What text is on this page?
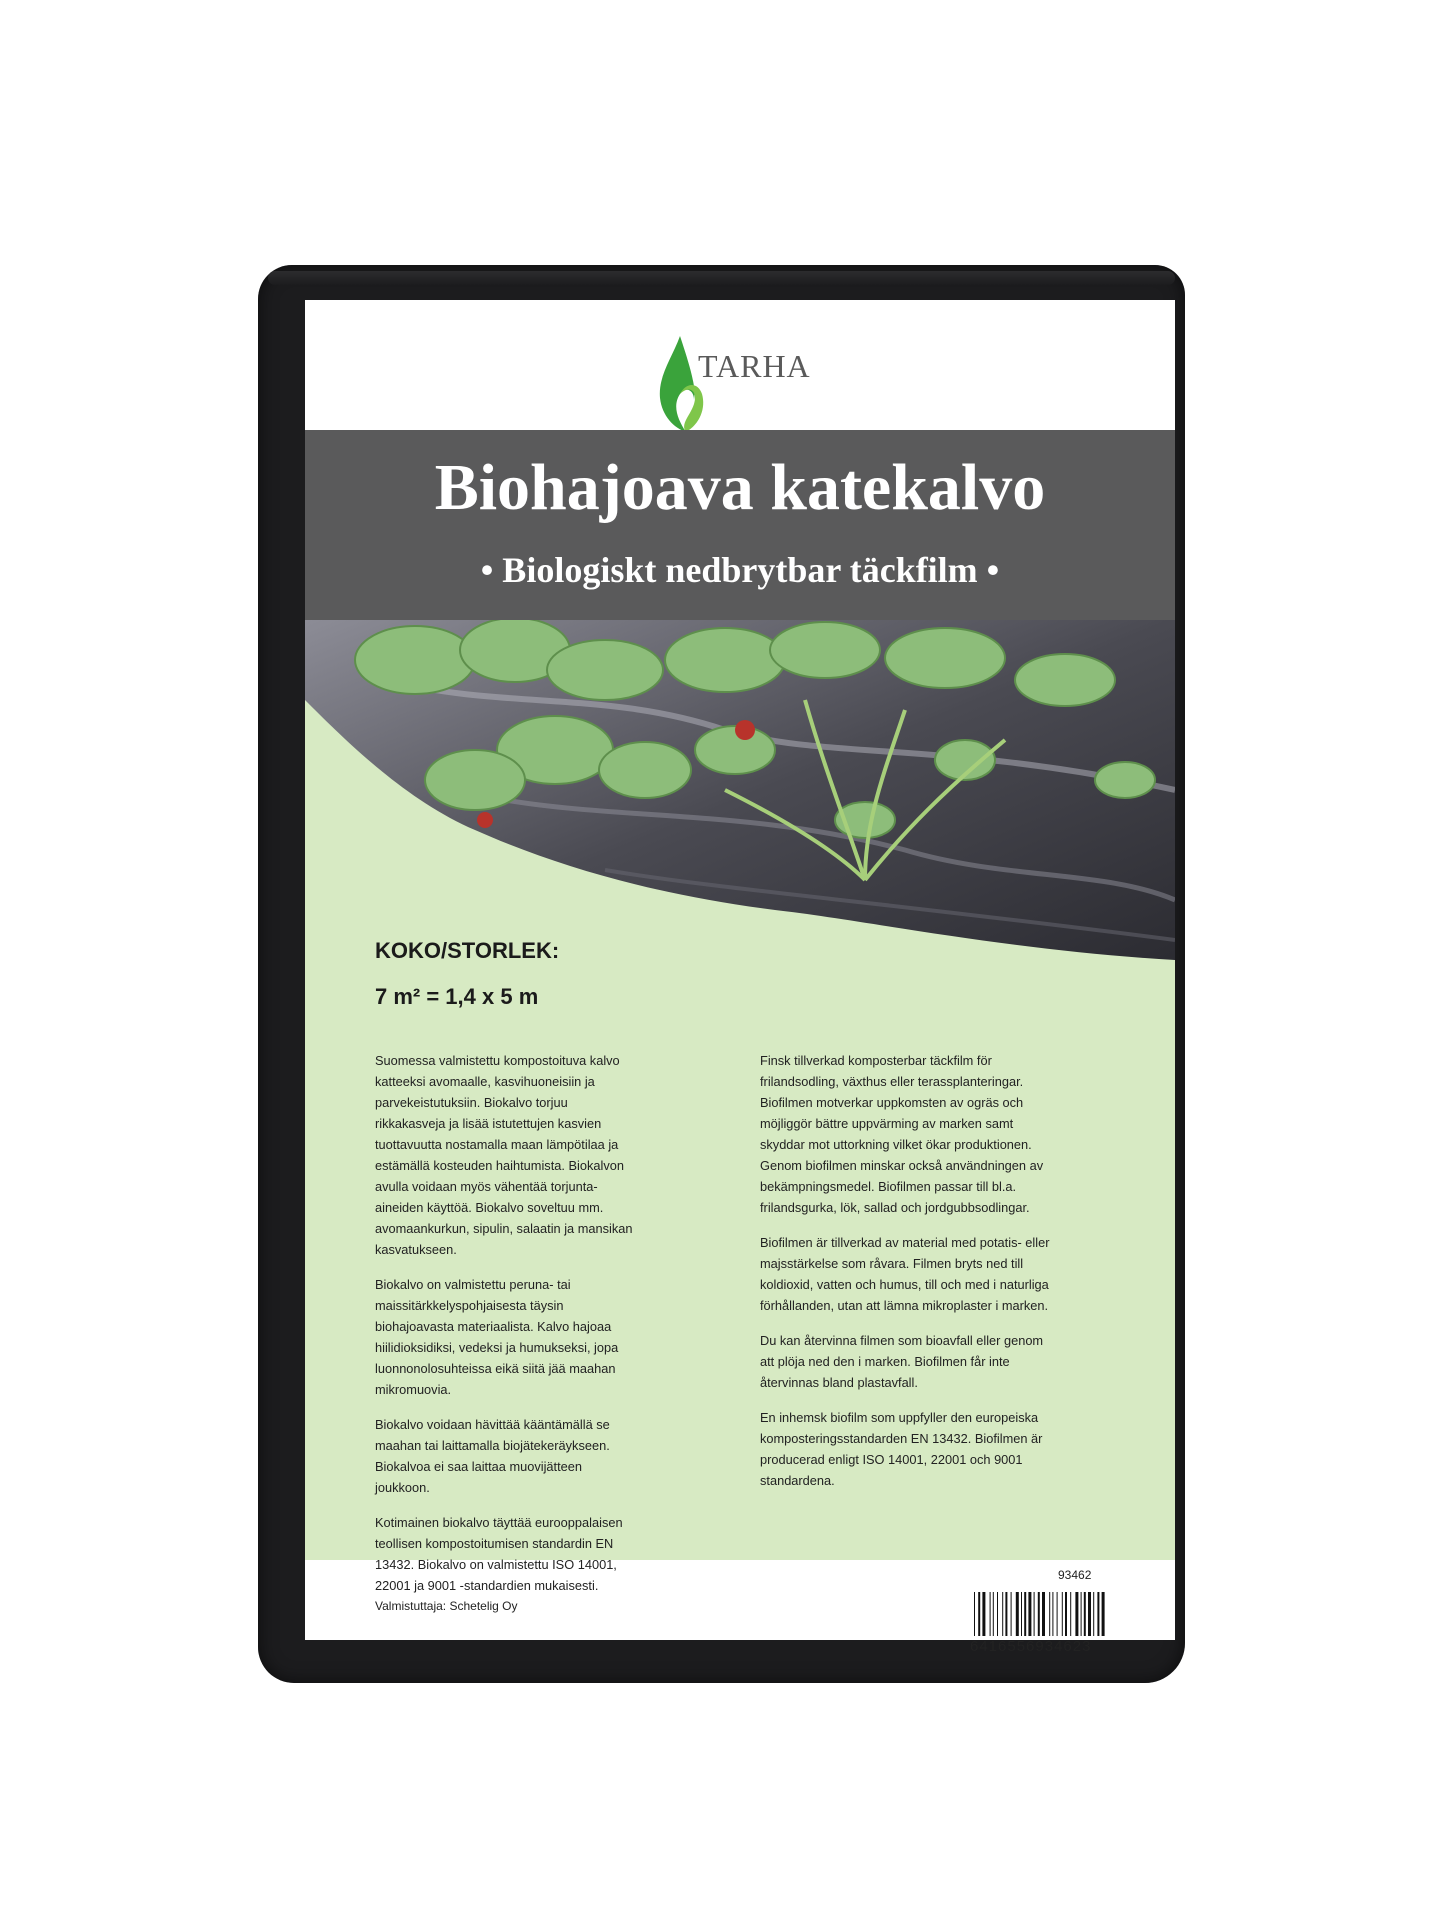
TARHA
Biohajoava katekalvo
• Biologiskt nedbrytbar täckfilm •
KOKO/STORLEK:
7 m² = 1,4 x 5 m

Suomessa valmistettu kompostoituva kalvo katteeksi avomaalle, kasvihuoneisiin ja parvekeistutuksiin. Biokalvo torjuu rikkakasveja ja lisää istutettujen kasvien tuottavuutta nostamalla maan lämpötilaa ja estämällä kosteuden haihtumista. Biokalvon avulla voidaan myös vähentää torjunta-aineiden käyttöä. Biokalvo soveltuu mm. avomaankurkun, sipulin, salaatin ja mansikan kasvatukseen.

Biokalvo on valmistettu peruna- tai maissitärkkelyspohjaisesta täysin biohajoavasta materiaalista. Kalvo hajoaa hiilidioksidiksi, vedeksi ja humukseksi, jopa luonnonolosuhteissa eikä siitä jää maahan mikromuovia.

Biokalvo voidaan hävittää kääntämällä se maahan tai laittamalla biojätekeräykseen. Biokalvoa ei saa laittaa muovijätteen joukkoon.

Kotimainen biokalvo täyttää eurooppalaisen teollisen kompostoitumisen standardin EN 13432. Biokalvo on valmistettu ISO 14001, 22001 ja 9001 -standardien mukaisesti.

Finsk tillverkad komposterbar täckfilm för frilandsodling, växthus eller terassplanteringar. Biofilmen motverkar uppkomsten av ogräs och möjliggör bättre uppvärming av marken samt skyddar mot uttorkning vilket ökar produktionen. Genom biofilmen minskar också användningen av bekämpningsmedel. Biofilmen passar till bl.a. frilandsgurka, lök, sallad och jordgubbsodlingar.

Biofilmen är tillverkad av material med potatis- eller majsstärkelse som råvara. Filmen bryts ned till koldioxid, vatten och humus, till och med i naturliga förhållanden, utan att lämna mikroplaster i marken.

Du kan återvinna filmen som bioavfall eller genom att plöja ned den i marken. Biofilmen får inte återvinnas bland plastavfall.

En inhemsk biofilm som uppfyller den europeiska komposteringsstandarden EN 13432. Biofilmen är producerad enligt ISO 14001, 22001 och 9001 standardena.

93462
Valmistuttaja: Schetelig Oy
6416556934623
